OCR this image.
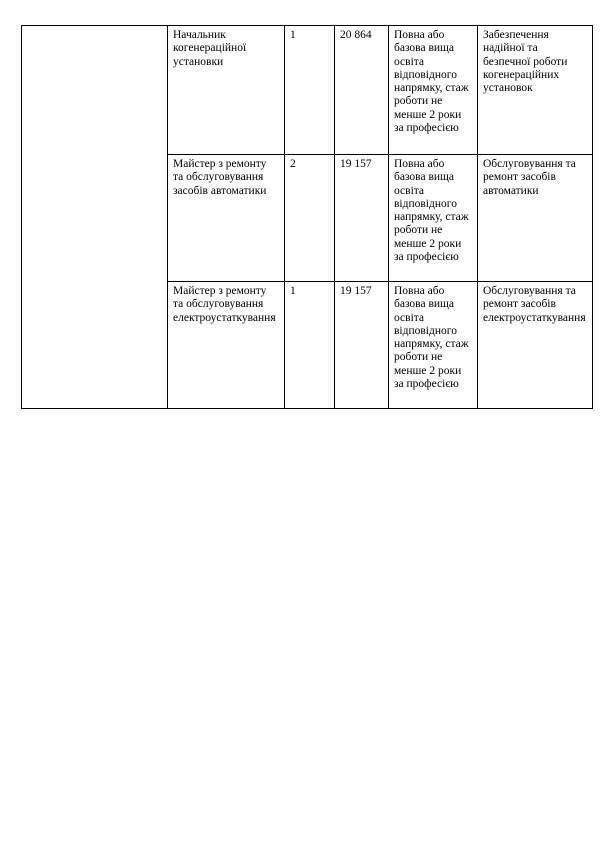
	Начальник когенераційної установки	1	20 864	Повна або базова вища освіта відповідного напрямку, стаж роботи не менше 2 роки за професією	Забезпечення надійної та безпечної роботи когенераційних установок

	Майстер з ремонту та обслуговування засобів автоматики	2	19 157	Повна або базова вища освіта відповідного напрямку, стаж роботи не менше 2 роки за професією	Обслуговування та ремонт засобів автоматики

	Майстер з ремонту та обслуговування електроустаткування	1	19 157	Повна або базова вища освіта відповідного напрямку, стаж роботи не менше 2 роки за професією	Обслуговування та ремонт засобів електроустаткування
